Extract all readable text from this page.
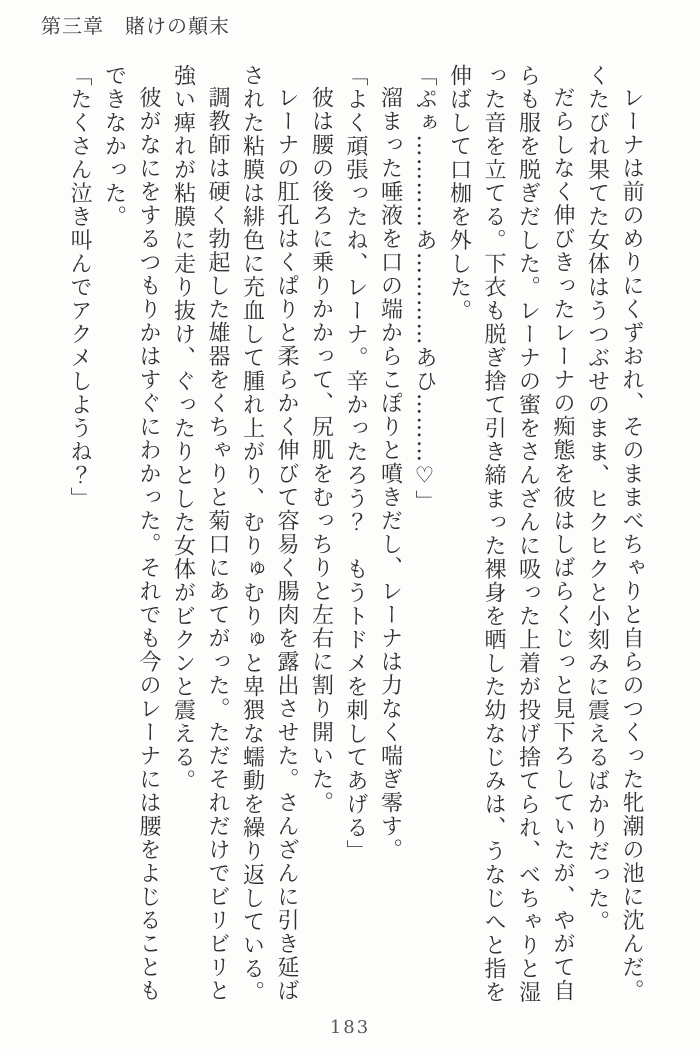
第三章　賭けの顛末

レーナは前のめりにくずおれ、そのままべちゃりと自らのつくった牝潮の池に沈んだ。くたびれ果てた女体はうつぶせのまま、ヒクヒクと小刻みに震えるばかりだった。

だらしなく伸びきったレーナの痴態を彼はしばらくじっと見下ろしていたが、やがて自らも服を脱ぎだした。レーナの蜜をさんざんに吸った上着が投げ捨てられ、べちゃりと湿った音を立てる。下衣も脱ぎ捨て引き締まった裸身を晒した幼なじみは、うなじへと指を伸ばして口枷を外した。

「ぷぁ…………あ…………あひ………♡」

溜まった唾液を口の端からこぽりと噴きだし、レーナは力なく喘ぎ零す。

「よく頑張ったね、レーナ。辛かったろう？　もうトドメを刺してあげる」

彼は腰の後ろに乗りかかって、尻肌をむっちりと左右に割り開いた。

レーナの肛孔はくぱりと柔らかく伸びて容易く腸肉を露出させた。さんざんに引き延ばされた粘膜は緋色に充血して腫れ上がり、むりゅむりゅと卑猥な蠕動を繰り返している。

調教師は硬く勃起した雄器をくちゃりと菊口にあてがった。ただそれだけでビリビリと強い痺れが粘膜に走り抜け、ぐったりとした女体がビクンと震える。

彼がなにをするつもりかはすぐにわかった。それでも今のレーナには腰をよじることもできなかった。

「たくさん泣き叫んでアクメしようね？」

183
